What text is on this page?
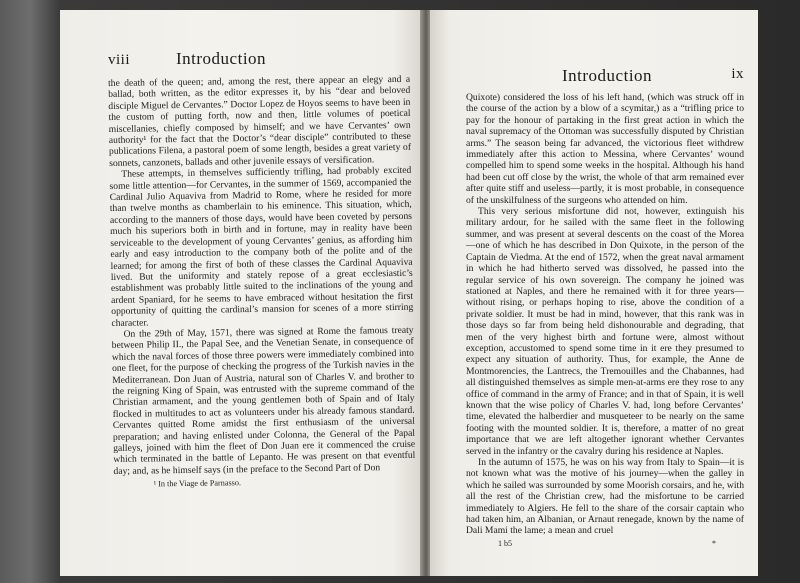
viii	Introduction

the death of the queen; and, among the rest, there appear an elegy and a ballad, both written, as the editor expresses it, by his “dear and beloved disciple Miguel de Cervantes.” Doctor Lopez de Hoyos seems to have been in the custom of putting forth, now and then, little volumes of poetical miscellanies, chiefly composed by himself; and we have Cervantes’ own authority¹ for the fact that the Doctor’s “dear disciple” contributed to these publications Filena, a pastoral poem of some length, besides a great variety of sonnets, canzonets, ballads and other juvenile essays of versification.

These attempts, in themselves sufficiently trifling, had probably excited some little attention—for Cervantes, in the summer of 1569, accompanied the Cardinal Julio Aquaviva from Madrid to Rome, where he resided for more than twelve months as chamberlain to his eminence. This situation, which, according to the manners of those days, would have been coveted by persons much his superiors both in birth and in fortune, may in reality have been serviceable to the development of young Cervantes’ genius, as affording him early and easy introduction to the company both of the polite and of the learned; for among the first of both of these classes the Cardinal Aquaviva lived. But the uniformity and stately repose of a great ecclesiastic’s establishment was probably little suited to the inclinations of the young and ardent Spaniard, for he seems to have embraced without hesitation the first opportunity of quitting the cardinal’s mansion for scenes of a more stirring character.

On the 29th of May, 1571, there was signed at Rome the famous treaty between Philip II., the Papal See, and the Venetian Senate, in consequence of which the naval forces of those three powers were immediately combined into one fleet, for the purpose of checking the progress of the Turkish navies in the Mediterranean. Don Juan of Austria, natural son of Charles V. and brother to the reigning King of Spain, was entrusted with the supreme command of the Christian armament, and the young gentlemen both of Spain and of Italy flocked in multitudes to act as volunteers under his already famous standard. Cervantes quitted Rome amidst the first enthusiasm of the universal preparation; and having enlisted under Colonna, the General of the Papal galleys, joined with him the fleet of Don Juan ere it commenced the cruise which terminated in the battle of Lepanto. He was present on that eventful day; and, as he himself says (in the preface to the Second Part of Don

¹ In the Viage de Parnasso.
Introduction	ix

Quixote) considered the loss of his left hand, (which was struck off in the course of the action by a blow of a scymitar,) as a “trifling price to pay for the honour of partaking in the first great action in which the naval supremacy of the Ottoman was successfully disputed by Christian arms.” The season being far advanced, the victorious fleet withdrew immediately after this action to Messina, where Cervantes’ wound compelled him to spend some weeks in the hospital. Although his hand had been cut off close by the wrist, the whole of that arm remained ever after quite stiff and useless—partly, it is most probable, in consequence of the unskilfulness of the surgeons who attended on him.

This very serious misfortune did not, however, extinguish his military ardour, for he sailed with the same fleet in the following summer, and was present at several descents on the coast of the Morea—one of which he has described in Don Quixote, in the person of the Captain de Viedma. At the end of 1572, when the great naval armament in which he had hitherto served was dissolved, he passed into the regular service of his own sovereign. The company he joined was stationed at Naples, and there he remained with it for three years—without rising, or perhaps hoping to rise, above the condition of a private soldier. It must be had in mind, however, that this rank was in those days so far from being held dishonourable and degrading, that men of the very highest birth and fortune were, almost without exception, accustomed to spend some time in it ere they presumed to expect any situation of authority. Thus, for example, the Anne de Montmorencies, the Lantrecs, the Tremouilles and the Chabannes, had all distinguished themselves as simple men-at-arms ere they rose to any office of command in the army of France; and in that of Spain, it is well known that the wise policy of Charles V. had, long before Cervantes’ time, elevated the halberdier and musqueteer to be nearly on the same footing with the mounted soldier. It is, therefore, a matter of no great importance that we are left altogether ignorant whether Cervantes served in the infantry or the cavalry during his residence at Naples.

In the autumn of 1575, he was on his way from Italy to Spain—it is not known what was the motive of his journey—when the galley in which he sailed was surrounded by some Moorish corsairs, and he, with all the rest of the Christian crew, had the misfortune to be carried immediately to Algiers. He fell to the share of the corsair captain who had taken him, an Albanian, or Arnaut renegade, known by the name of Dali Mami the lame; a mean and cruel

1 b5	*
